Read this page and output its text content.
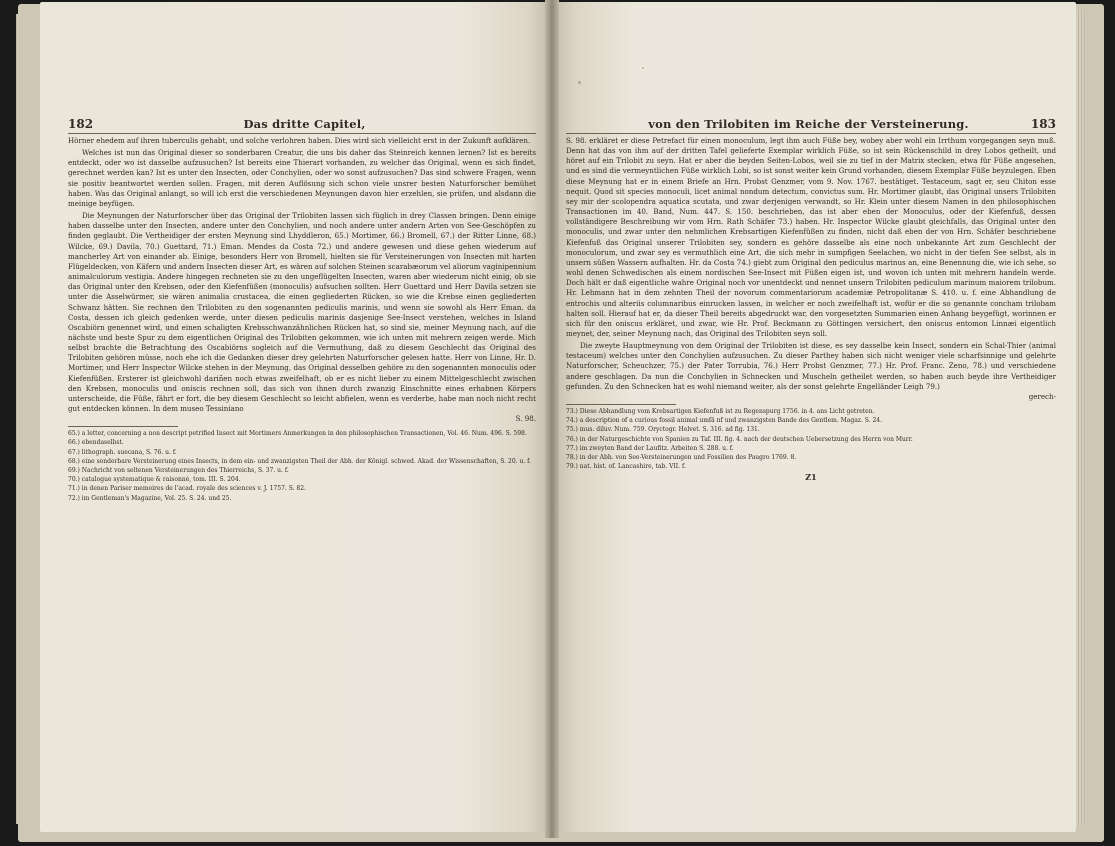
182	Das dritte Capitel,

Hörner ehedem auf ihren tuberculis gehabt, und solche verlohren haben. Dies wird sich vielleicht erst in der Zukunft aufklären.

Welches ist nun das Original dieser so sonderbaren Creatur, die uns bis daher das Steinreich kennen lernen? Ist es bereits entdeckt, oder wo ist dasselbe aufzusuchen? Ist bereits eine Thierart vorhanden, zu welcher das Original, wenn es sich findet, gerechnet werden kan? Ist es unter den Insecten, oder Conchylien, oder wo sonst aufzusuchen? Das sind schwere Fragen, wenn sie positiv beantwortet werden sollen. Fragen, mit deren Auflösung sich schon viele unsrer besten Naturforscher bemühet haben. Was das Original anlangt, so will ich erst die verschiedenen Meynungen davon hier erzehlen, sie prüfen, und alsdann die meinige beyfügen.

Die Meynungen der Naturforscher über das Original der Trilobiten lassen sich füglich in drey Classen bringen. Denn einige haben dasselbe unter den Insecten, andere unter den Conchylien, und noch andere unter andern Arten von See-Geschöpfen zu finden geglaubt. Die Vertheidiger der ersten Meynung sind Lhyddleron, 65.) Mortimer, 66.) Bromell, 67.) der Ritter Linne, 68.) Wilcke, 69.) Davila, 70.) Guettard, 71.) Eman. Mendes da Costa 72.) und andere gewesen und diese gehen wiederum auf mancherley Art von einander ab. Einige, besonders Herr von Bromell, hielten sie für Versteinerungen von Insecten mit harten Flügeldecken, von Käfern und andern Insecten dieser Art, es wären auf solchen Steinen scarabæorum vel aliorum vaginipennium animalculorum vestigia. Andere hingegen rechneten sie zu den ungeflügelten Insecten, waren aber wiederum nicht einig, ob sie das Original unter den Krebsen, oder den Kiefenfüßen (monoculis) aufsuchen sollten. Herr Guettard und Herr Davila setzen sie unter die Asselwürmer, sie wären animalia crustacea, die einen gegliederten Rücken, so wie die Krebse einen gegliederten Schwanz hätten. Sie rechnen den Trilobiten zu den sogenannten pediculis marinis, und wenn sie sowohl als Herr Eman. da Costa, dessen ich gleich gedenken werde, unter diesen pediculis marinis dasjenige See-Insect verstehen, welches in Island Oscabiörn genennet wird, und einen schaligten Krebsschwanzähnlichen Rücken hat, so sind sie, meiner Meynung nach, auf die nächste und beste Spur zu dem eigentlichen Original des Trilobiten gekommen, wie ich unten mit mehrern zeigen werde. Mich selbst brachte die Betrachtung des Oscabiörns sogleich auf die Vermuthung, daß zu diesem Geschlecht das Original des Trilobiten gehören müsse, noch ehe ich die Gedanken dieser drey gelehrten Naturforscher gelesen hatte. Herr von Linne, Hr. D. Mortimer, und Herr Inspector Wilcke stehen in der Meynung, das Original desselben gehöre zu den sogenannten monoculis oder Kiefenfüßen. Ersterer ist gleichwohl dariñen noch etwas zweifelhaft, ob er es nicht lieber zu einem Mittelgeschlecht zwischen den Krebsen, monoculis und oniscis rechnen soll, das sich von ihnen durch zwanzig Einschnitte eines erhabnen Körpers unterscheide, die Füße, fährt er fort, die bey diesem Geschlecht so leicht abfielen, wenn es verderbe, habe man noch nicht recht gut entdecken können. In dem museo Tessiniano

S. 98.
65.) a letter, concerning a non descript petrified Insect mit Mortimers Anmerkungen in den philosophischen Transactionen, Vol. 46. Num. 496. S. 598.
66.) ebendaselbst.
67.) lithograph. suecana, S. 76. u. f.
68.) eine sonderbare Versteinerung eines Insects, in dem ein- und zwanzigsten Theil der Abh. der Königl. schwed. Akad. der Wissenschaften, S. 20. u. f.
69.) Nachricht von seltenen Versteinerungen des Thierreichs, S. 37. u. f.
70.) catalogue systematique & raisonné, tom. III. S. 204.
71.) in denen Pariser memoires de l'acad. royale des sciences v. J. 1757. S. 82.
72.) im Gentleman's Magazine, Vol. 25. S. 24. und 25.
von den Trilobiten im Reiche der Versteinerung.	183

S. 98. erkläret er diese Petrefact für einen monoculum, legt ihm auch Füße bey, wobey aber wohl ein Irrthum vorgegangen seyn muß. Denn hat das von ihm auf der dritten Tafel gelieferte Exemplar wirklich Füße, so ist sein Rückenschild in drey Lobos getheilt, und höret auf ein Trilobit zu seyn. Hat er aber die beyden Seiten-Lobos, weil sie zu tief in der Matrix stecken, etwa für Füße angesehen, und es sind die vermeyntlichen Füße wirklich Lobi, so ist sonst weiter kein Grund vorhanden, diesem Exemplar Füße beyzulegen. Eben diese Meynung hat er in einem Briefe an Hrn. Probst Genzmer, vom 9. Nov. 1767. bestätiget. Testaceum, sagt er, seu Chiton esse nequit. Quod sit species monoculi, licet animal nondum detectum, convictus sum. Hr. Mortimer glaubt, das Original unsers Trilobiten sey mir der scolopendra aquatica scutata, und zwar derjenigen verwandt, so Hr. Klein unter diesem Namen in den philosophischen Transactionen im 40. Band, Num. 447. S. 150. beschrieben, das ist aber eben der Monoculus, oder der Kiefenfuß, dessen vollständigere Beschreibung wir vom Hrn. Rath Schäfer 73.) haben. Hr. Inspector Wilcke glaubt gleichfalls, das Original unter den monoculis, und zwar unter den nehmlichen Krebsartigen Kiefenfüßen zu finden, nicht daß eben der von Hrn. Schäfer beschriebene Kiefenfuß das Original unserer Trilobiten sey, sondern es gehöre dasselbe als eine noch unbekannte Art zum Geschlecht der monoculorum, und zwar sey es vermuthlich eine Art, die sich mehr in sumpfigen Seelachen, wo nicht in der tiefen See selbst, als in unsern süßen Wassern aufhalten. Hr. da Costa 74.) giebt zum Original den pediculus marinus an, eine Benennung die, wie ich sehe, so wohl denen Schwedischen als einem nordischen See-Insect mit Füßen eigen ist, und wovon ich unten mit mehrern handeln werde. Doch hält er daß eigentliche wahre Original noch vor unentdeckt und nennet unsern Trilobiten pediculum marinum maiorem trilobum. Hr. Lehmann hat in dem zehnten Theil der novorum commentariorum academiæ Petropolitanæ S. 410. u. f. eine Abhandlung de entrochis und alteriis columnaribus einrucken lassen, in welcher er noch zweifelhaft ist, wofür er die so genannte concham trilobam halten soll. Hierauf hat er, da dieser Theil bereits abgedruckt war, den vorgesetzten Summarien einen Anhang beygefügt, worinnen er sich für den oniscus erkläret, und zwar, wie Hr. Prof. Beckmann zu Göttingen versichert, den oniscus entomon Linnæi eigentlich meynet, der, seiner Meynung nach, das Original des Trilobiten seyn soll.

Die zweyte Hauptmeynung von dem Original der Trilobiten ist diese, es sey dasselbe kein Insect, sondern ein Schal-Thier (animal testaceum) welches unter den Conchylien aufzusuchen. Zu dieser Parthey haben sich nicht weniger viele scharfsinnige und gelehrte Naturforscher, Scheuchzer, 75.) der Pater Torrubia, 76.) Herr Probst Genzmer, 77.) Hr. Prof. Franc. Zeno, 78.) und verschiedene andere geschlagen. Da nun die Conchylien in Schnecken und Muscheln getheilet werden, so haben auch beyde ihre Vertheidiger gefunden. Zu den Schnecken hat es wohl niemand weiter, als der sonst gelehrte Engelländer Leigh 79.)

gerech-
73.) Diese Abhandlung vom Krebsartigen Kiefenfuß ist zu Regenspurg 1756. in 4. ans Licht getreten.
74.) a description of a curious fossil animal umfä nf und zwanzigsten Bande des Gentlem. Magaz. S. 24.
75.) mus. diluv. Num. 759. Oryctogr. Helvet. S. 316. ad fig. 131.
76.) in der Naturgeschichte von Spanien zu Taf. III. fig. 4. nach der deutschen Uebersetzung des Herrn von Murr.
77.) im zweyten Band der Laufitz. Arbeiten S. 288. u. f.
78.) in der Abh. von See-Versteinerungen und Fossilien des Paugro 1769. 8.
79.) nat. hist. of. Lancashire, tab. VII. f.
Z1
